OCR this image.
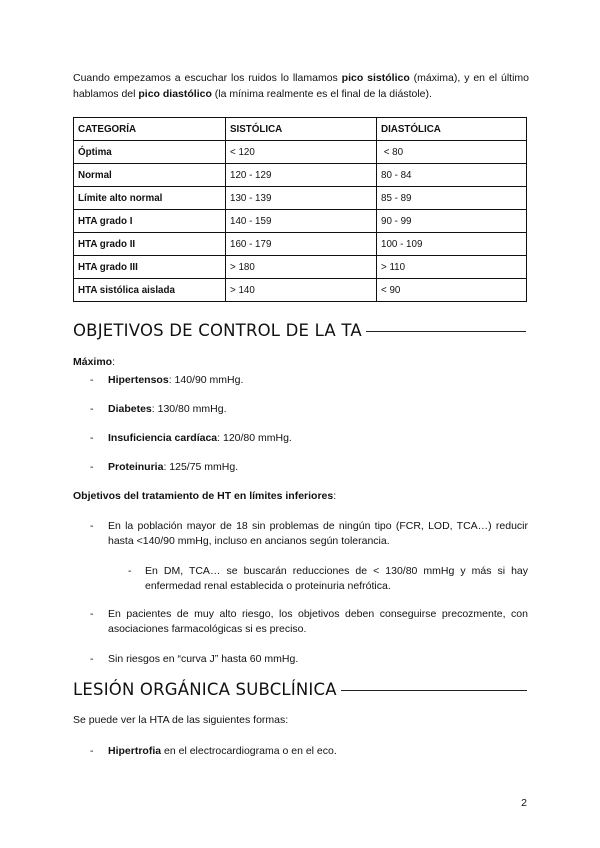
Cuando empezamos a escuchar los ruidos lo llamamos pico sistólico (máxima), y en el último hablamos del pico diastólico (la mínima realmente es el final de la diástole).

CATEGORÍA	SISTÓLICA	DIASTÓLICA
Óptima	< 120	< 80
Normal	120 - 129	80 - 84
Límite alto normal	130 - 139	85 - 89
HTA grado I	140 - 159	90 - 99
HTA grado II	160 - 179	100 - 109
HTA grado III	> 180	> 110
HTA sistólica aislada	> 140	< 90
OBJETIVOS DE CONTROL DE LA TA
Máximo:
- Hipertensos: 140/90 mmHg.
- Diabetes: 130/80 mmHg.
- Insuficiencia cardíaca: 120/80 mmHg.
- Proteinuria: 125/75 mmHg.
Objetivos del tratamiento de HT en límites inferiores:
- En la población mayor de 18 sin problemas de ningún tipo (FCR, LOD, TCA…) reducir hasta <140/90 mmHg, incluso en ancianos según tolerancia.
- En DM, TCA… se buscarán reducciones de < 130/80 mmHg y más si hay enfermedad renal establecida o proteinuria nefrótica.
- En pacientes de muy alto riesgo, los objetivos deben conseguirse precozmente, con asociaciones farmacológicas si es preciso.
- Sin riesgos en “curva J” hasta 60 mmHg.
LESIÓN ORGÁNICA SUBCLÍNICA
Se puede ver la HTA de las siguientes formas:
- Hipertrofia en el electrocardiograma o en el eco.
2
